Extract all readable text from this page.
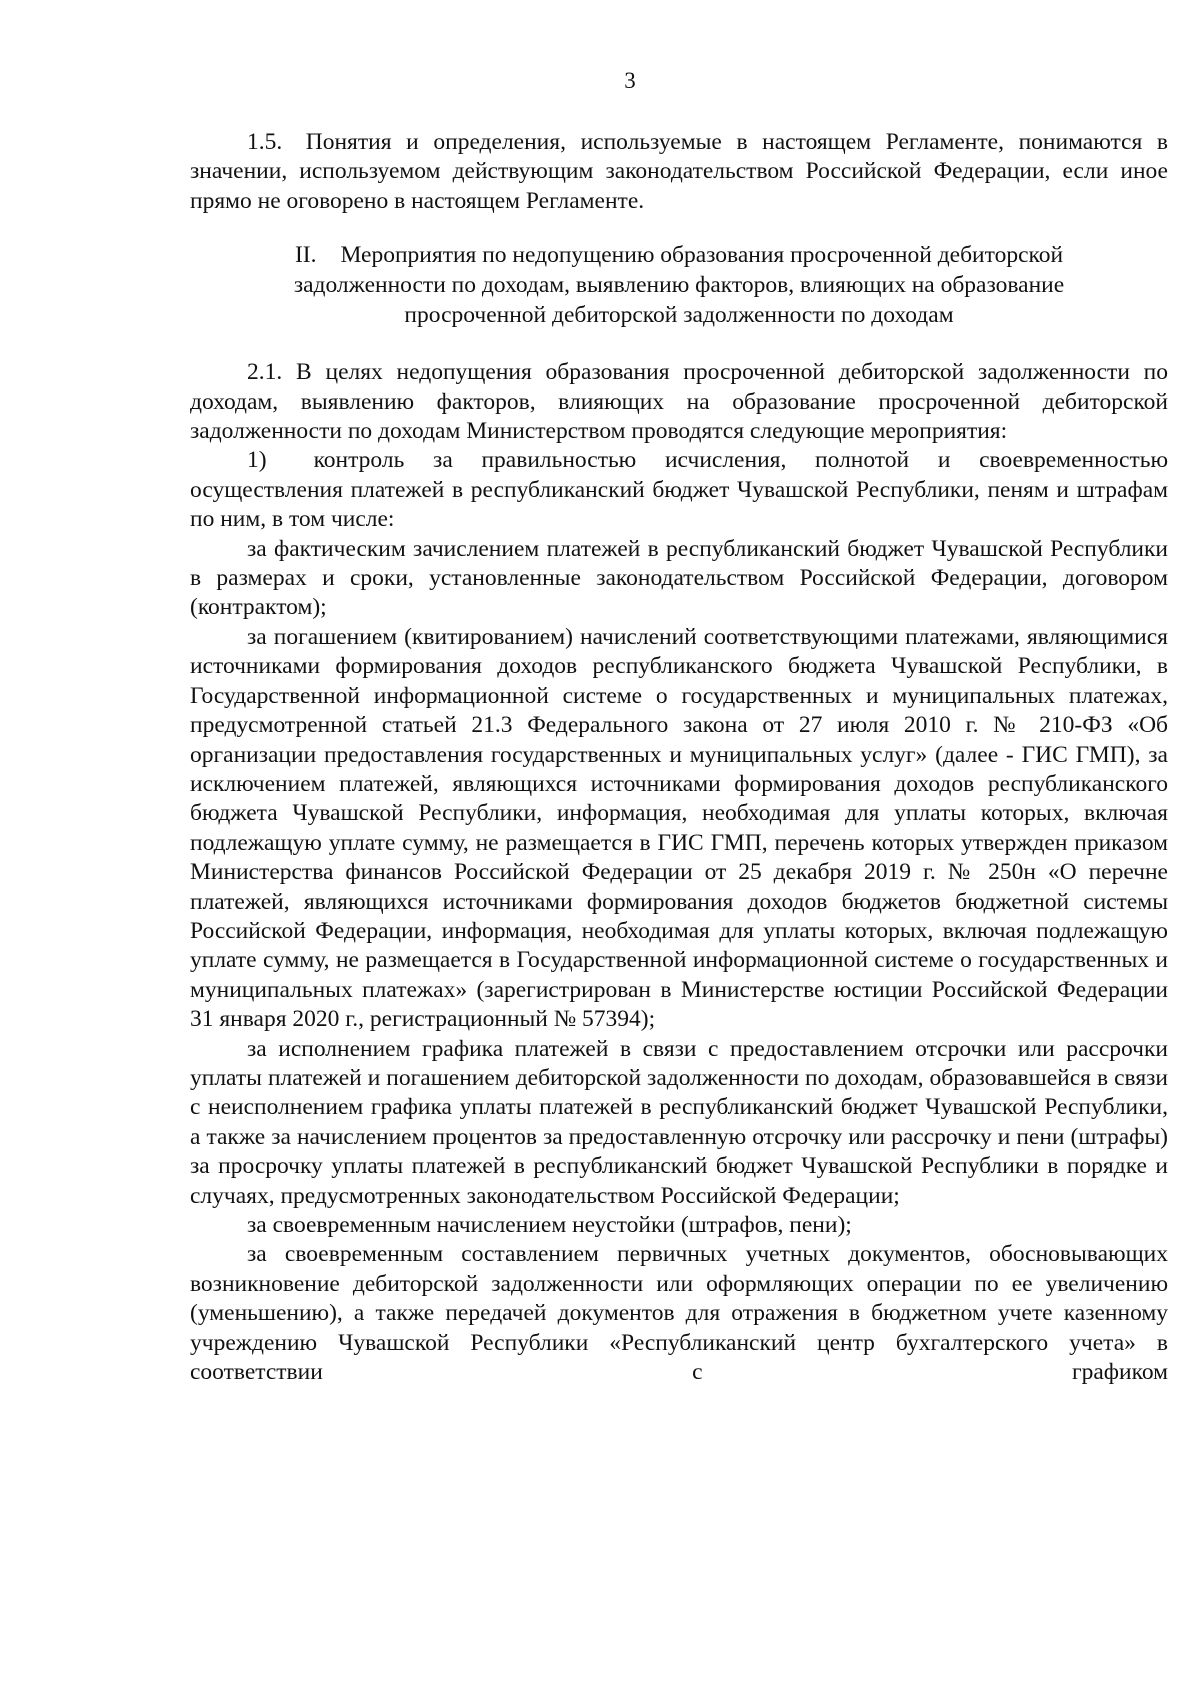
3

1.5. Понятия и определения, используемые в настоящем Регламенте, понимаются в значении, используемом действующим законодательством Российской Федерации, если иное прямо не оговорено в настоящем Регламенте.

II. Мероприятия по недопущению образования просроченной дебиторской задолженности по доходам, выявлению факторов, влияющих на образование просроченной дебиторской задолженности по доходам

2.1. В целях недопущения образования просроченной дебиторской задолженности по доходам, выявлению факторов, влияющих на образование просроченной дебиторской задолженности по доходам Министерством проводятся следующие мероприятия:

1)  контроль за правильностью исчисления, полнотой и своевременностью осуществления платежей в республиканский бюджет Чувашской Республики, пеням и штрафам по ним, в том числе:

за фактическим зачислением платежей в республиканский бюджет Чувашской Республики в размерах и сроки, установленные законодательством Российской Федерации, договором (контрактом);

за погашением (квитированием) начислений соответствующими платежами, являющимися источниками формирования доходов республиканского бюджета Чувашской Республики, в Государственной информационной системе о государственных и муниципальных платежах, предусмотренной статьей 21.3 Федерального закона от 27 июля 2010 г. № 210-ФЗ «Об организации предоставления государственных и муниципальных услуг» (далее - ГИС ГМП), за исключением платежей, являющихся источниками формирования доходов республиканского бюджета Чувашской Республики, информация, необходимая для уплаты которых, включая подлежащую уплате сумму, не размещается в ГИС ГМП, перечень которых утвержден приказом Министерства финансов Российской Федерации от 25 декабря 2019 г. № 250н «О перечне платежей, являющихся источниками формирования доходов бюджетов бюджетной системы Российской Федерации, информация, необходимая для уплаты которых, включая подлежащую уплате сумму, не размещается в Государственной информационной системе о государственных и муниципальных платежах» (зарегистрирован в Министерстве юстиции Российской Федерации 31 января 2020 г., регистрационный № 57394);

за исполнением графика платежей в связи с предоставлением отсрочки или рассрочки уплаты платежей и погашением дебиторской задолженности по доходам, образовавшейся в связи с неисполнением графика уплаты платежей в республиканский бюджет Чувашской Республики, а также за начислением процентов за предоставленную отсрочку или рассрочку и пени (штрафы) за просрочку уплаты платежей в республиканский бюджет Чувашской Республики в порядке и случаях, предусмотренных законодательством Российской Федерации;

за своевременным начислением неустойки (штрафов, пени);

за своевременным составлением первичных учетных документов, обосновывающих возникновение дебиторской задолженности или оформляющих операции по ее увеличению (уменьшению), а также передачей документов для отражения в бюджетном учете казенному учреждению Чувашской Республики «Республиканский центр бухгалтерского учета» в соответствии с графиком
